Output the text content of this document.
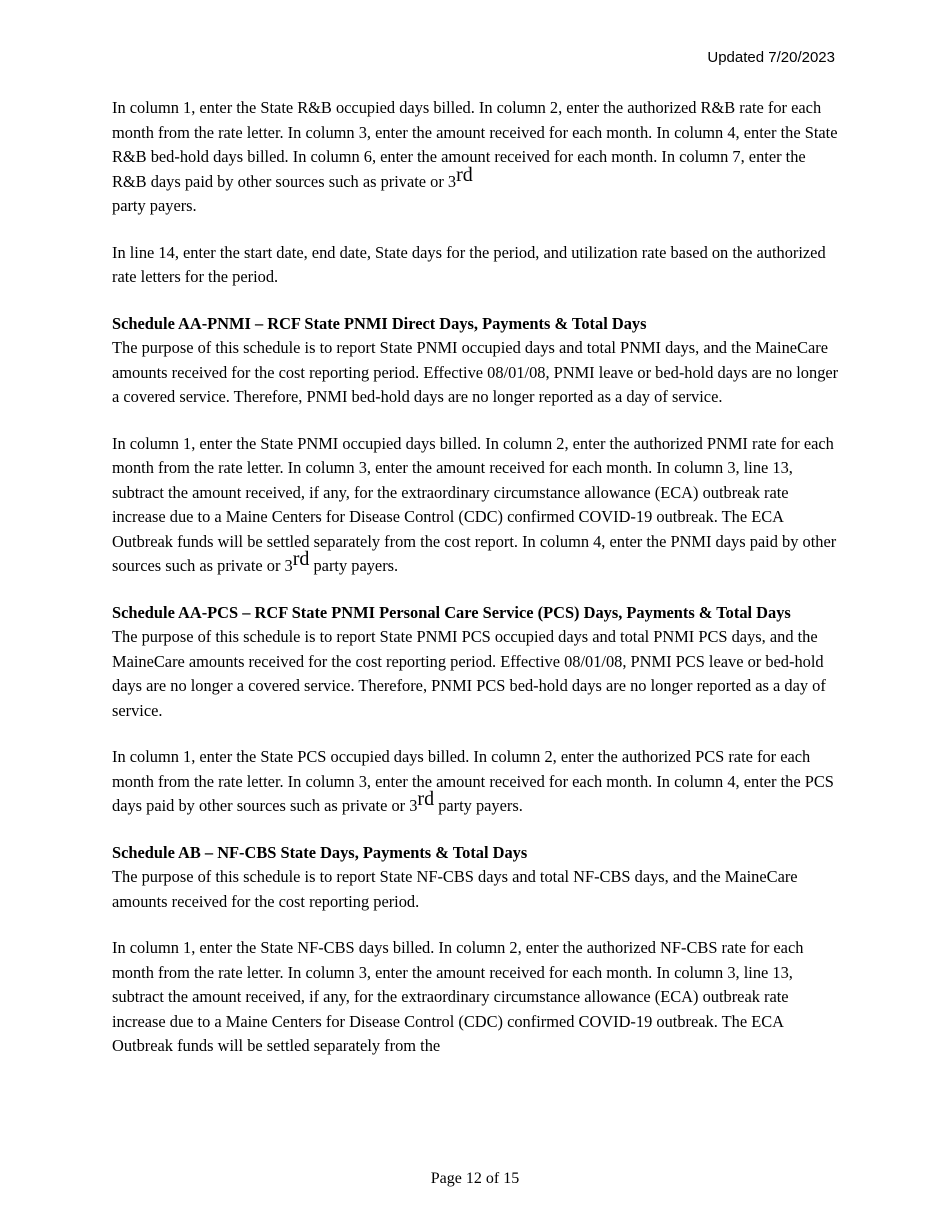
Updated 7/20/2023

In column 1, enter the State R&B occupied days billed. In column 2, enter the authorized R&B rate for each month from the rate letter. In column 3, enter the amount received for each month. In column 4, enter the State R&B bed-hold days billed. In column 6, enter the amount received for each month. In column 7, enter the R&B days paid by other sources such as private or 3rd
party payers.

In line 14, enter the start date, end date, State days for the period, and utilization rate based on the authorized rate letters for the period.

Schedule AA-PNMI – RCF State PNMI Direct Days, Payments & Total Days

The purpose of this schedule is to report State PNMI occupied days and total PNMI days, and the MaineCare amounts received for the cost reporting period. Effective 08/01/08, PNMI leave or bed-hold days are no longer a covered service. Therefore, PNMI bed-hold days are no longer reported as a day of service.

In column 1, enter the State PNMI occupied days billed. In column 2, enter the authorized PNMI rate for each month from the rate letter. In column 3, enter the amount received for each month. In column 3, line 13, subtract the amount received, if any, for the extraordinary circumstance allowance (ECA) outbreak rate increase due to a Maine Centers for Disease Control (CDC) confirmed COVID-19 outbreak. The ECA Outbreak funds will be settled separately from the cost report. In column 4, enter the PNMI days paid by other sources such as private or 3rd party payers.

Schedule AA-PCS – RCF State PNMI Personal Care Service (PCS) Days, Payments & Total Days

The purpose of this schedule is to report State PNMI PCS occupied days and total PNMI PCS days, and the MaineCare amounts received for the cost reporting period. Effective 08/01/08, PNMI PCS leave or bed-hold days are no longer a covered service. Therefore, PNMI PCS bed-hold days are no longer reported as a day of service.

In column 1, enter the State PCS occupied days billed. In column 2, enter the authorized PCS rate for each month from the rate letter. In column 3, enter the amount received for each month. In column 4, enter the PCS days paid by other sources such as private or 3rd party payers.

Schedule AB – NF-CBS State Days, Payments & Total Days

The purpose of this schedule is to report State NF-CBS days and total NF-CBS days, and the MaineCare amounts received for the cost reporting period.

In column 1, enter the State NF-CBS days billed. In column 2, enter the authorized NF-CBS rate for each month from the rate letter. In column 3, enter the amount received for each month. In column 3, line 13, subtract the amount received, if any, for the extraordinary circumstance allowance (ECA) outbreak rate increase due to a Maine Centers for Disease Control (CDC) confirmed COVID-19 outbreak. The ECA Outbreak funds will be settled separately from the

Page 12 of 15
